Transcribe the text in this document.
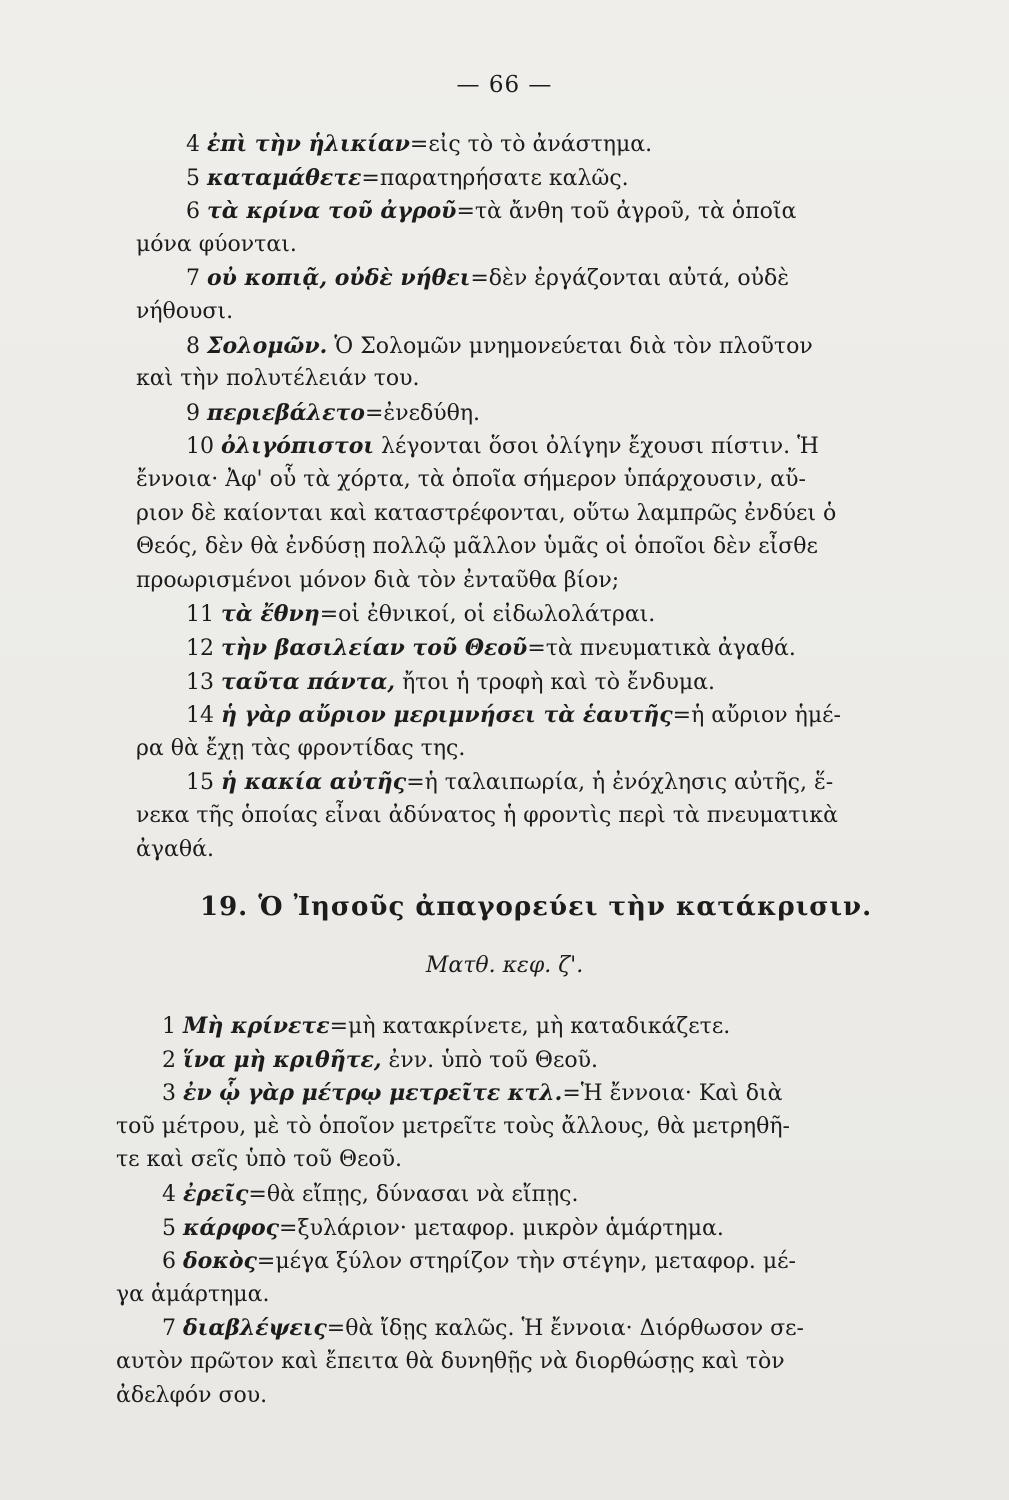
— 66 —
4 ἐπὶ τὴν ἡλικίαν=εἰς τὸ τὸ ἀνάστημα.
5 καταμάθετε=παρατηρήσατε καλῶς.
6 τὰ κρίνα τοῦ ἀγροῦ=τὰ ἄνθη τοῦ ἀγροῦ, τὰ ὁποῖα
μόνα φύονται.
7 οὐ κοπιᾷ, οὐδὲ νήθει=δὲν ἐργάζονται αὐτά, οὐδὲ
νήθουσι.
8 Σολομῶν. Ὁ Σολομῶν μνημονεύεται διὰ τὸν πλοῦτον
καὶ τὴν πολυτέλειάν του.
9 περιεβάλετο=ἐνεδύθη.
10 ὀλιγόπιστοι λέγονται ὅσοι ὀλίγην ἔχουσι πίστιν. Ἡ
ἔννοια· Ἀφ' οὗ τὰ χόρτα, τὰ ὁποῖα σήμερον ὑπάρχουσιν, αὔ-
ριον δὲ καίονται καὶ καταστρέφονται, οὕτω λαμπρῶς ἐνδύει ὁ
Θεός, δὲν θὰ ἐνδύσῃ πολλῷ μᾶλλον ὑμᾶς οἱ ὁποῖοι δὲν εἶσθε
προωρισμένοι μόνον διὰ τὸν ἐνταῦθα βίον;
11 τὰ ἔθνη=οἱ ἐθνικοί, οἱ εἰδωλολάτραι.
12 τὴν βασιλείαν τοῦ Θεοῦ=τὰ πνευματικὰ ἀγαθά.
13 ταῦτα πάντα, ἤτοι ἡ τροφὴ καὶ τὸ ἔνδυμα.
14 ἡ γὰρ αὔριον μεριμνήσει τὰ ἑαυτῆς=ἡ αὔριον ἡμέ-
ρα θὰ ἔχῃ τὰς φροντίδας της.
15 ἡ κακία αὐτῆς=ἡ ταλαιπωρία, ἡ ἐνόχλησις αὐτῆς, ἕ-
νεκα τῆς ὁποίας εἶναι ἀδύνατος ἡ φροντὶς περὶ τὰ πνευματικὰ
ἀγαθά.
19. Ὁ Ἰησοῦς ἀπαγορεύει τὴν κατάκρισιν.
Ματθ. κεφ. ζ'.
1 Μὴ κρίνετε=μὴ κατακρίνετε, μὴ καταδικάζετε.
2 ἵνα μὴ κριθῆτε, ἐνν. ὑπὸ τοῦ Θεοῦ.
3 ἐν ᾧ γὰρ μέτρῳ μετρεῖτε κτλ.=Ἡ ἔννοια· Καὶ διὰ
τοῦ μέτρου, μὲ τὸ ὁποῖον μετρεῖτε τοὺς ἄλλους, θὰ μετρηθῆ-
τε καὶ σεῖς ὑπὸ τοῦ Θεοῦ.
4 ἐρεῖς=θὰ εἴπῃς, δύνασαι νὰ εἴπῃς.
5 κάρφος=ξυλάριον· μεταφορ. μικρὸν ἁμάρτημα.
6 δοκὸς=μέγα ξύλον στηρίζον τὴν στέγην, μεταφορ. μέ-
γα ἁμάρτημα.
7 διαβλέψεις=θὰ ἴδῃς καλῶς. Ἡ ἔννοια· Διόρθωσον σε-
αυτὸν πρῶτον καὶ ἔπειτα θὰ δυνηθῇς νὰ διορθώσῃς καὶ τὸν
ἀδελφόν σου.
